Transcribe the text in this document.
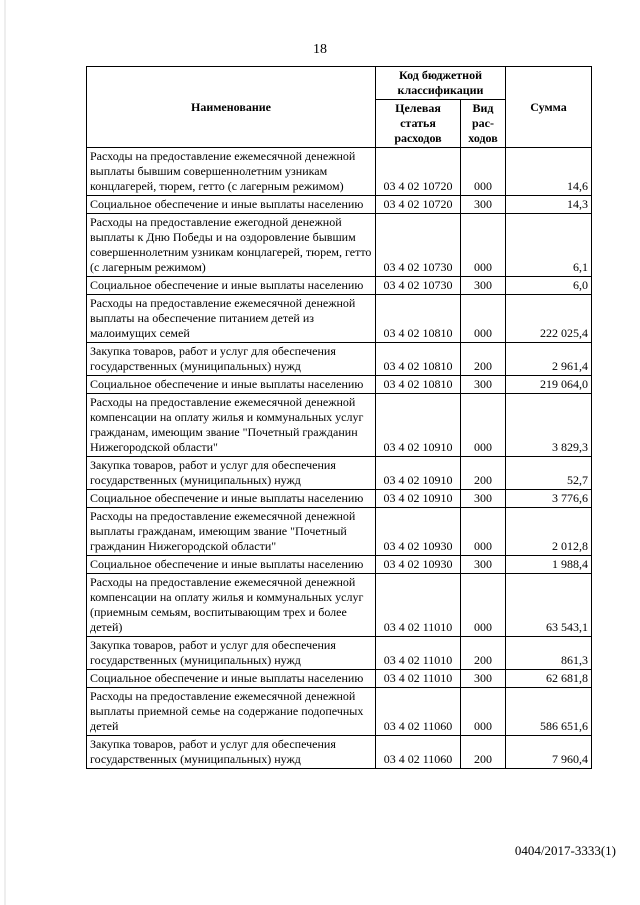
18
Наименование	Код бюджетной классификации		Сумма
	Целевая статья расходов	Вид рас-ходов	
Расходы на предоставление ежемесячной денежной выплаты бывшим совершеннолетним узникам концлагерей, тюрем, гетто (с лагерным режимом)	03 4 02 10720	000	14,6
Социальное обеспечение и иные выплаты населению	03 4 02 10720	300	14,3
Расходы на предоставление ежегодной денежной выплаты к Дню Победы и на оздоровление бывшим совершеннолетним узникам концлагерей, тюрем, гетто (с лагерным режимом)	03 4 02 10730	000	6,1
Социальное обеспечение и иные выплаты населению	03 4 02 10730	300	6,0
Расходы на предоставление ежемесячной денежной выплаты на обеспечение питанием детей из малоимущих семей	03 4 02 10810	000	222 025,4
Закупка товаров, работ и услуг для обеспечения государственных (муниципальных) нужд	03 4 02 10810	200	2 961,4
Социальное обеспечение и иные выплаты населению	03 4 02 10810	300	219 064,0
Расходы на предоставление ежемесячной денежной компенсации на оплату жилья и коммунальных услуг гражданам, имеющим звание "Почетный гражданин Нижегородской области"	03 4 02 10910	000	3 829,3
Закупка товаров, работ и услуг для обеспечения государственных (муниципальных) нужд	03 4 02 10910	200	52,7
Социальное обеспечение и иные выплаты населению	03 4 02 10910	300	3 776,6
Расходы на предоставление ежемесячной денежной выплаты гражданам, имеющим звание "Почетный гражданин Нижегородской области"	03 4 02 10930	000	2 012,8
Социальное обеспечение и иные выплаты населению	03 4 02 10930	300	1 988,4
Расходы на предоставление ежемесячной денежной компенсации на оплату жилья и коммунальных услуг (приемным семьям, воспитывающим трех и более детей)	03 4 02 11010	000	63 543,1
Закупка товаров, работ и услуг для обеспечения государственных (муниципальных) нужд	03 4 02 11010	200	861,3
Социальное обеспечение и иные выплаты населению	03 4 02 11010	300	62 681,8
Расходы на предоставление ежемесячной денежной выплаты приемной семье на содержание подопечных детей	03 4 02 11060	000	586 651,6
Закупка товаров, работ и услуг для обеспечения государственных (муниципальных) нужд	03 4 02 11060	200	7 960,4
0404/2017-3333(1)
